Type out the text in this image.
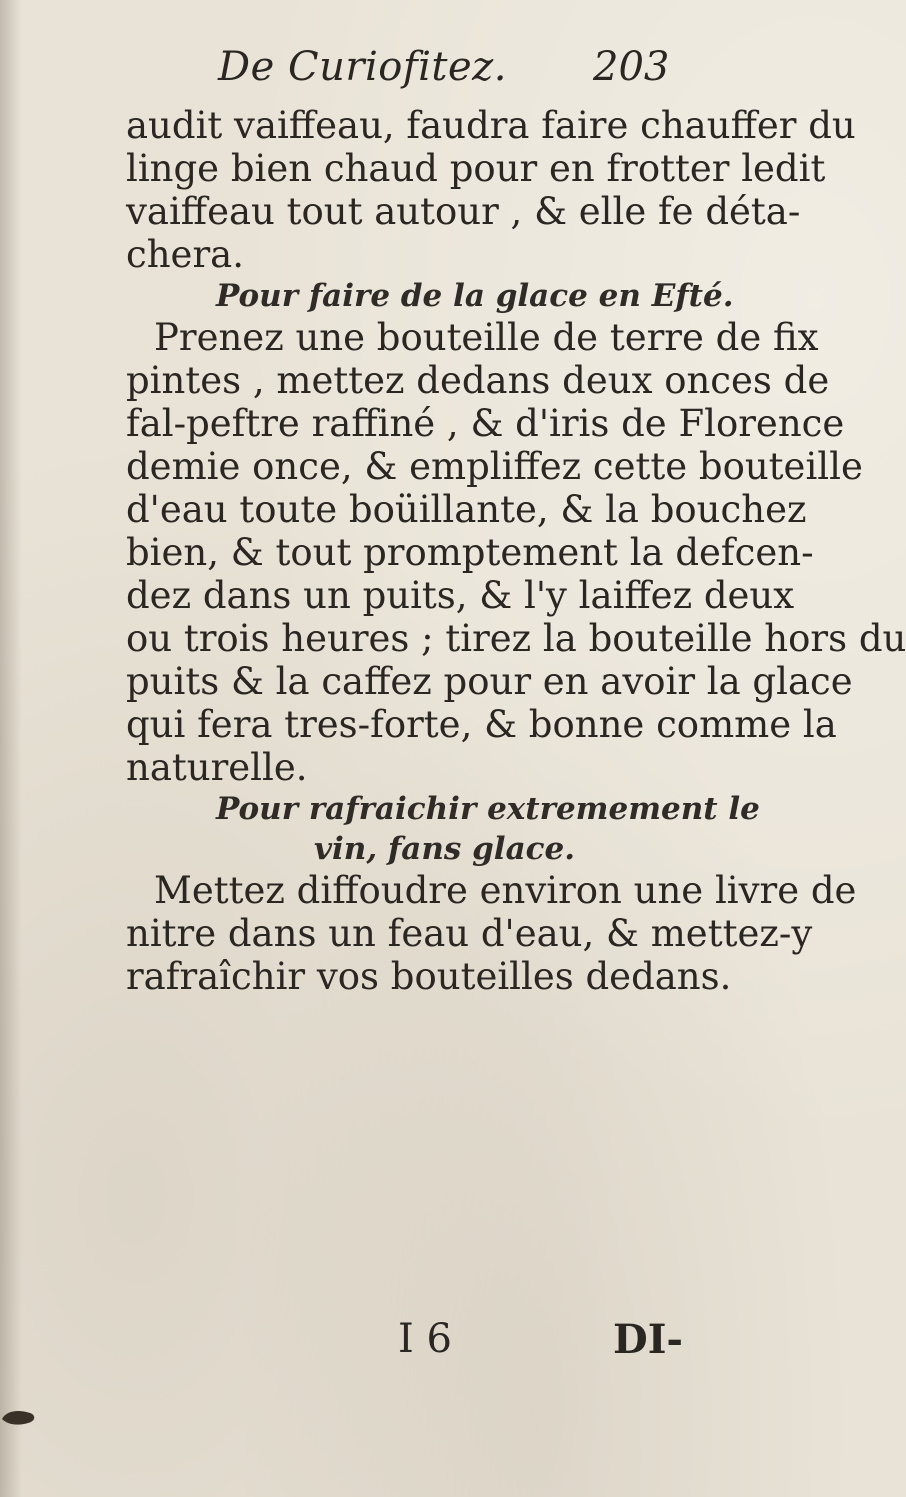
De Curiofitez. 203
audit vaiffeau, faudra faire chauffer du
linge bien chaud pour en frotter ledit
vaiffeau tout autour , & elle fe déta-
chera.
Pour faire de la glace en Efté.
Prenez une bouteille de terre de fix
pintes , mettez dedans deux onces de
fal-peftre raffiné , & d'iris de Florence
demie once, & empliffez cette bouteille
d'eau toute boüillante, & la bouchez
bien, & tout promptement la defcen-
dez dans un puits, & l'y laiffez deux
ou trois heures ; tirez la bouteille hors du
puits & la caffez pour en avoir la glace
qui fera tres-forte, & bonne comme la
naturelle.
Pour rafraichir extremement le
vin, fans glace.
Mettez diffoudre environ une livre de
nitre dans un feau d'eau, & mettez-y
rafraîchir vos bouteilles dedans.
I 6	DI-
